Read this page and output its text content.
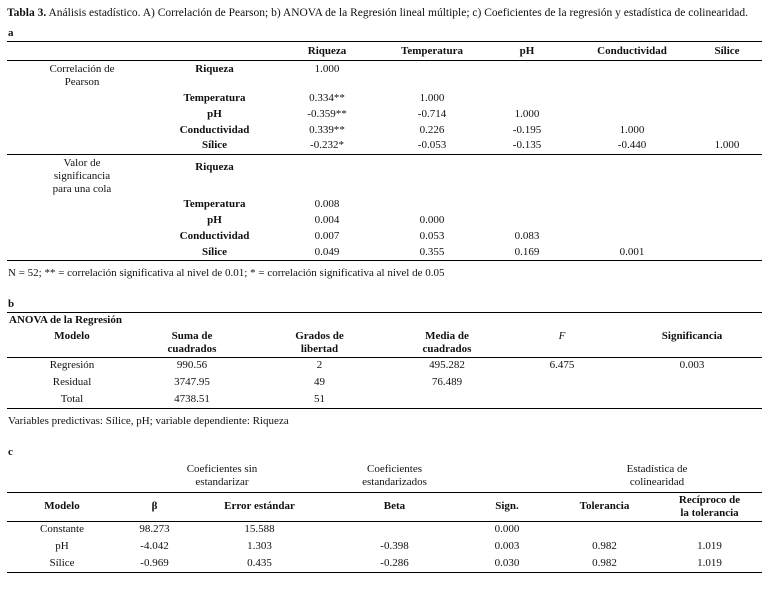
Tabla 3. Análisis estadístico. A) Correlación de Pearson; b) ANOVA de la Regresión lineal múltiple; c) Coeficientes de la regresión y estadística de colinearidad.

a
		Riqueza	Temperatura	pH	Conductividad	Sílice

Correlación de Pearson	Riqueza	1.000				

	Temperatura	0.334**	1.000			
	pH	-0.359**	-0.714	1.000		
	Conductividad	0.339**	0.226	-0.195	1.000	
	Sílice	-0.232*	-0.053	-0.135	-0.440	1.000

Valor de significancia para una cola	Riqueza					

	Temperatura	0.008				
	pH	0.004	0.000			
	Conductividad	0.007	0.053	0.083		
	Sílice	0.049	0.355	0.169	0.001	

N = 52; ** = correlación significativa al nivel de 0.01; * = correlación significativa al nivel de 0.05

b
ANOVA de la Regresión					
Modelo	Suma de cuadrados	Grados de libertad	Media de cuadrados	F	Significancia
Regresión	990.56	2	495.282	6.475	0.003
Residual	3747.95	49	76.489		
Total	4738.51	51			

Variables predictivas: Sílice, pH; variable dependiente: Riqueza

c

	Coeficientes sin estandarizar		Coeficientes estandarizados		Estadística de colinearidad	

Modelo	β	Error estándar	Beta	Sign.	Tolerancia	Recíproco de la tolerancia

Constante	98.273	15.588		0.000		
pH	-4.042	1.303	-0.398	0.003	0.982	1.019
Sílice	-0.969	0.435	-0.286	0.030	0.982	1.019
